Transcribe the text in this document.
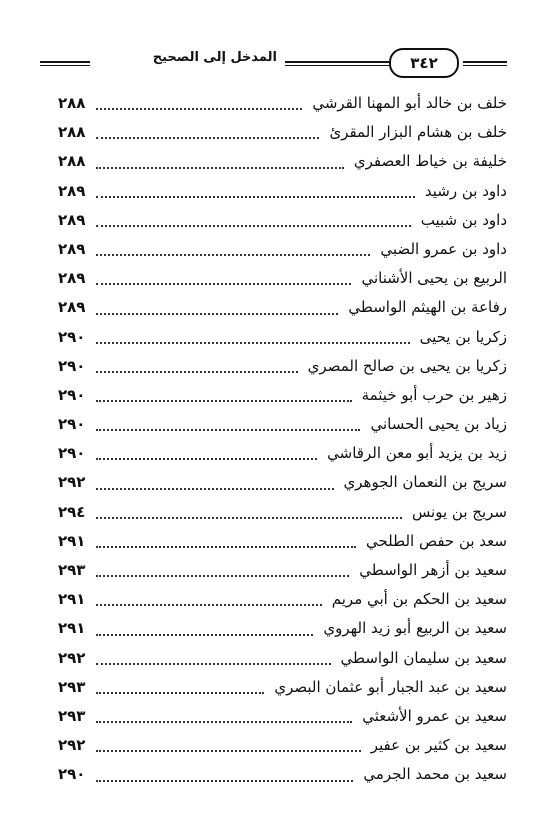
٣٤٢
المدخل إلى الصحيح
خلف بن خالد أبو المهنا القرشي
٢٨٨
خلف بن هشام البزار المقرئ
٢٨٨
خليفة بن خياط العصفري
٢٨٨
داود بن رشيد
٢٨٩
داود بن شبيب
٢٨٩
داود بن عمرو الضبي
٢٨٩
الربيع بن يحيى الأشناني
٢٨٩
رفاعة بن الهيثم الواسطي
٢٨٩
زكريا بن يحيى
٢٩٠
زكريا بن يحيى بن صالح المصري
٢٩٠
زهير بن حرب أبو خيثمة
٢٩٠
زياد بن يحيى الحساني
٢٩٠
زيد بن يزيد أبو معن الرقاشي
٢٩٠
سريج بن النعمان الجوهري
٢٩٢
سريج بن يونس
٢٩٤
سعد بن حفص الطلحي
٢٩١
سعيد بن أزهر الواسطي
٢٩٣
سعيد بن الحكم بن أبي مريم
٢٩١
سعيد بن الربيع أبو زيد الهروي
٢٩١
سعيد بن سليمان الواسطي
٢٩٢
سعيد بن عبد الجبار أبو عثمان البصري
٢٩٣
سعيد بن عمرو الأشعثي
٢٩٣
سعيد بن كثير بن عفير
٢٩٢
سعيد بن محمد الجرمي
٢٩٠
